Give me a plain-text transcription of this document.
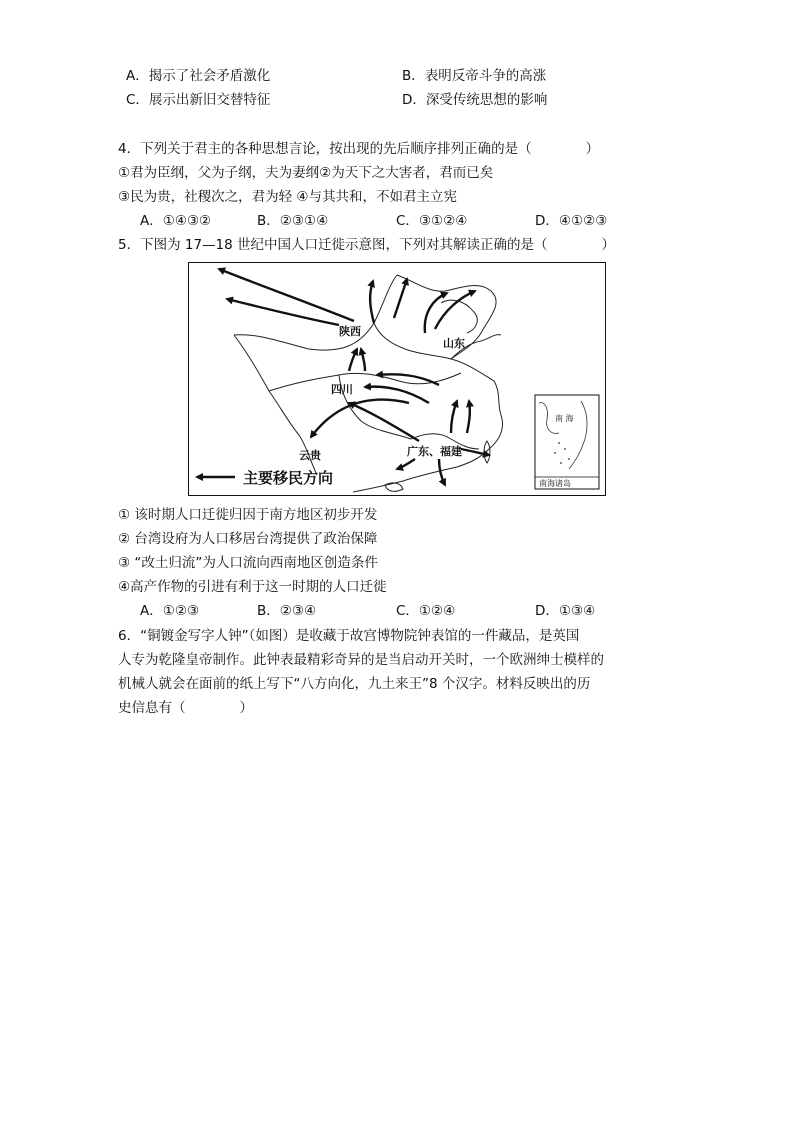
A．揭示了社会矛盾激化	B．表明反帝斗争的高涨
C．展示出新旧交替特征	D．深受传统思想的影响
4．下列关于君主的各种思想言论，按出现的先后顺序排列正确的是（　　　　）
①君为臣纲，父为子纲，夫为妻纲②为天下之大害者，君而已矣
③民为贵，社稷次之，君为轻 ④与其共和，不如君主立宪
A．①④③②	B．②③①④	C．③①②④	D．④①②③
5．下图为 17—18 世纪中国人口迁徙示意图，下列对其解读正确的是（　　　　）
陕西
山东
四川
云贵	广东、福建
主要移民方向
南 海
南海诸岛
① 该时期人口迁徙归因于南方地区初步开发
② 台湾设府为人口移居台湾提供了政治保障
③ “改土归流”为人口流向西南地区创造条件
④高产作物的引进有利于这一时期的人口迁徙
A．①②③	B．②③④	C．①②④	D．①③④
6．“铜镀金写字人钟”（如图）是收藏于故宫博物院钟表馆的一件藏品，是英国
人专为乾隆皇帝制作。此钟表最精彩奇异的是当启动开关时，一个欧洲绅士模样的
机械人就会在面前的纸上写下“八方向化，九土来王”8 个汉字。材料反映出的历
史信息有（　　　　）
